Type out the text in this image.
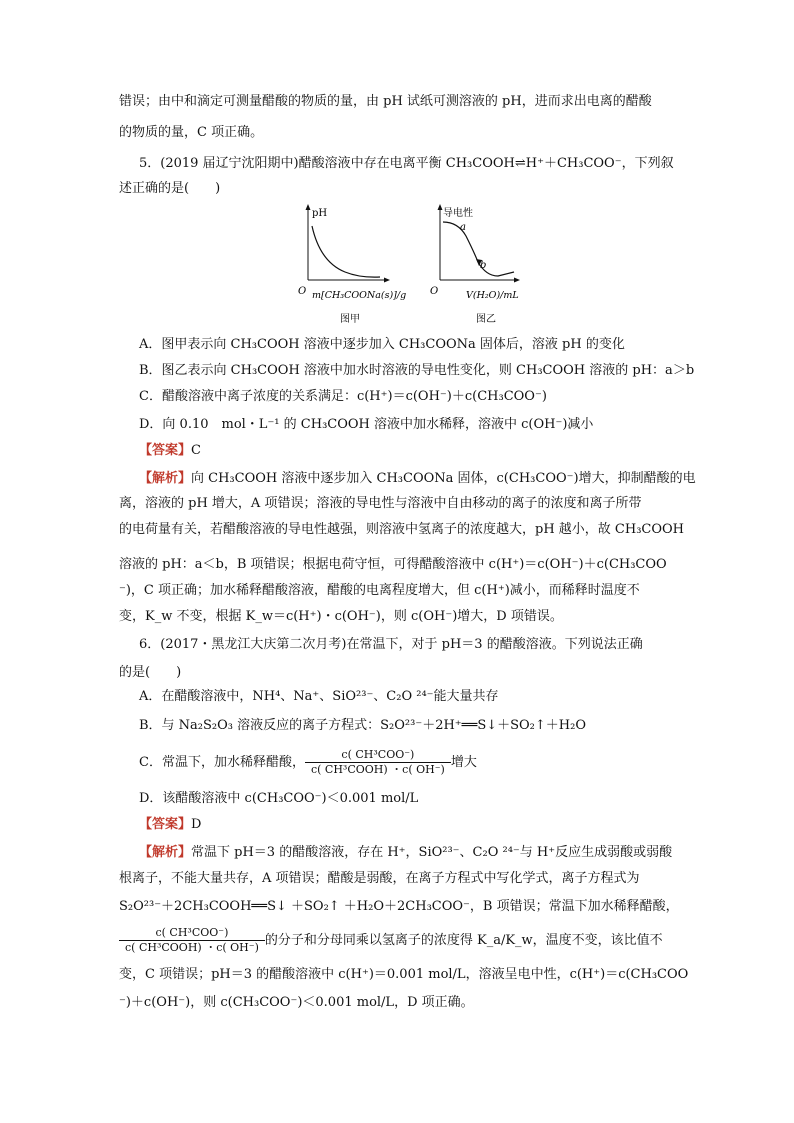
错误；由中和滴定可测量醋酸的物质的量，由 pH 试纸可测溶液的 pH，进而求出电离的醋酸
的物质的量，C 项正确。
5．(2019 届辽宁沈阳期中)醋酸溶液中存在电离平衡 CH₃COOH⇌H⁺＋CH₃COO⁻，下列叙
述正确的是(　　)
pH
O m[CH₃COONa(s)]/g
图甲
导电性
a
b
O	V(H₂O)/mL
图乙
A．图甲表示向 CH₃COOH 溶液中逐步加入 CH₃COONa 固体后，溶液 pH 的变化
B．图乙表示向 CH₃COOH 溶液中加水时溶液的导电性变化，则 CH₃COOH 溶液的 pH：a＞b
C．醋酸溶液中离子浓度的关系满足：c(H⁺)＝c(OH⁻)＋c(CH₃COO⁻)
D．向 0.10　mol・L⁻¹ 的 CH₃COOH 溶液中加水稀释，溶液中 c(OH⁻)减小
【答案】C
【解析】向 CH₃COOH 溶液中逐步加入 CH₃COONa 固体，c(CH₃COO⁻)增大，抑制醋酸的电
离，溶液的 pH 增大，A 项错误；溶液的导电性与溶液中自由移动的离子的浓度和离子所带
的电荷量有关，若醋酸溶液的导电性越强，则溶液中氢离子的浓度越大，pH 越小，故 CH₃COOH
溶液的 pH：a＜b，B 项错误；根据电荷守恒，可得醋酸溶液中 c(H⁺)＝c(OH⁻)＋c(CH₃COO
⁻)，C 项正确；加水稀释醋酸溶液，醋酸的电离程度增大，但 c(H⁺)减小，而稀释时温度不
变，K_w 不变，根据 K_w＝c(H⁺)・c(OH⁻)，则 c(OH⁻)增大，D 项错误。
6．(2017・黑龙江大庆第二次月考)在常温下，对于 pH＝3 的醋酸溶液。下列说法正确
的是(　　)
A．在醋酸溶液中，NH⁴、Na⁺、SiO²³⁻、C₂O ²⁴⁻能大量共存
B．与 Na₂S₂O₃ 溶液反应的离子方程式：S₂O²³⁻＋2H⁺══S↓＋SO₂↑＋H₂O
C．常温下，加水稀释醋酸， $\frac{\text{c( CH³COO⁻)}}{\text{c( CH³COOH) ・c( OH⁻)}}$ 增大
D．该醋酸溶液中 c(CH₃COO⁻)＜0.001 mol/L
【答案】D
【解析】常温下 pH＝3 的醋酸溶液，存在 H⁺，SiO²³⁻、C₂O ²⁴⁻与 H⁺反应生成弱酸或弱酸
根离子，不能大量共存，A 项错误；醋酸是弱酸，在离子方程式中写化学式，离子方程式为
S₂O²³⁻＋2CH₃COOH══S↓ ＋SO₂↑ ＋H₂O＋2CH₃COO⁻，B 项错误；常温下加水稀释醋酸，
$\frac{\text{c( CH³COO⁻)}}{\text{c( CH³COOH) ・c( OH⁻)}}$ 的分子和分母同乘以氢离子的浓度得 K_a/K_w，温度不变，该比值不
变，C 项错误；pH＝3 的醋酸溶液中 c(H⁺)＝0.001 mol/L，溶液呈电中性，c(H⁺)＝c(CH₃COO
⁻)＋c(OH⁻)，则 c(CH₃COO⁻)＜0.001 mol/L，D 项正确。
